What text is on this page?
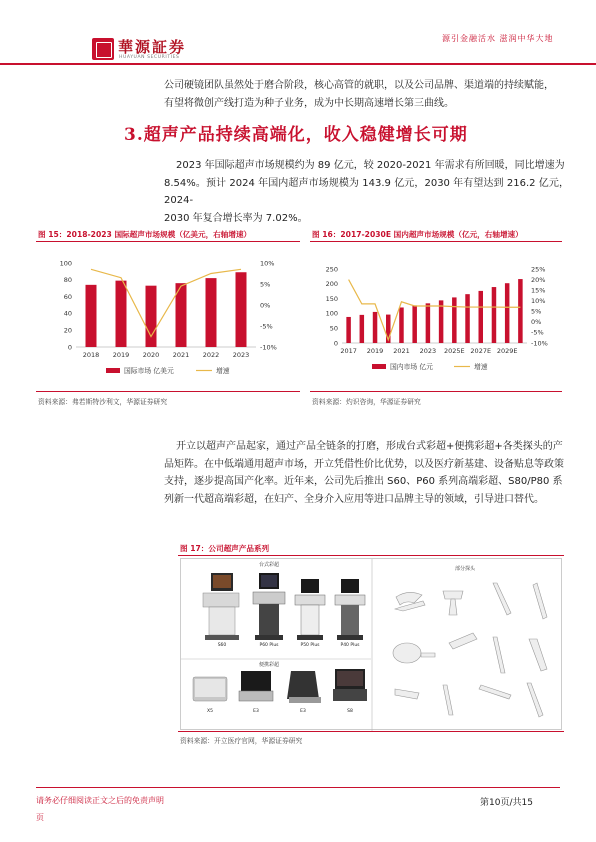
華源証券
HUAYUAN SECURITIES
源引金融活水 滋润中华大地
公司硬镜团队虽然处于磨合阶段，核心高管的就职，以及公司品牌、渠道端的持续赋能，
有望将微创产线打造为种子业务，成为中长期高速增长第三曲线。
3.超声产品持续高端化，收入稳健增长可期
2023 年国际超声市场规模约为 89 亿元，较 2020-2021 年需求有所回暖，同比增速为
8.54%。预计 2024 年国内超声市场规模为 143.9 亿元，2030 年有望达到 216.2 亿元，2024-
2030 年复合增长率为 7.02%。
图 15：2018-2023 国际超声市场规模（亿美元，右轴增速）
0
20
40
60
80
100
-10%
-5%
0%
5%
10%
2018 2019 2020 2021 2022 2023
国际市场 亿美元	增速
资料来源：弗若斯特沙利文，华源证券研究
图 16：2017-2030E 国内超声市场规模（亿元，右轴增速）
0
50
100
150
200
250
-10%
-5%
0%
5%
10%
15%
20%
25%
2017 2019 2021 2023 2025E 2027E 2029E
国内市场 亿元	增速
资料来源：灼识咨询，华源证券研究
开立以超声产品起家，通过产品全链条的打磨，形成台式彩超+便携彩超+各类探头的产
品矩阵。在中低端通用超声市场，开立凭借性价比优势，以及医疗新基建、设备贴息等政策
支持，逐步提高国产化率。近年来，公司先后推出 S60、P60 系列高端彩超、S80/P80 系
列新一代超高端彩超，在妇产、全身介入应用等进口品牌主导的领域，引导进口替代。
图 17：公司超声产品系列
台式彩超
便携彩超
部分探头
S60	P60 Plus	P50 Plus	P40 Plus
X5	E3	E3	S8
资料来源：开立医疗官网，华源证券研究
请务必仔细阅读正文之后的免责声明
页
第10页/共15
